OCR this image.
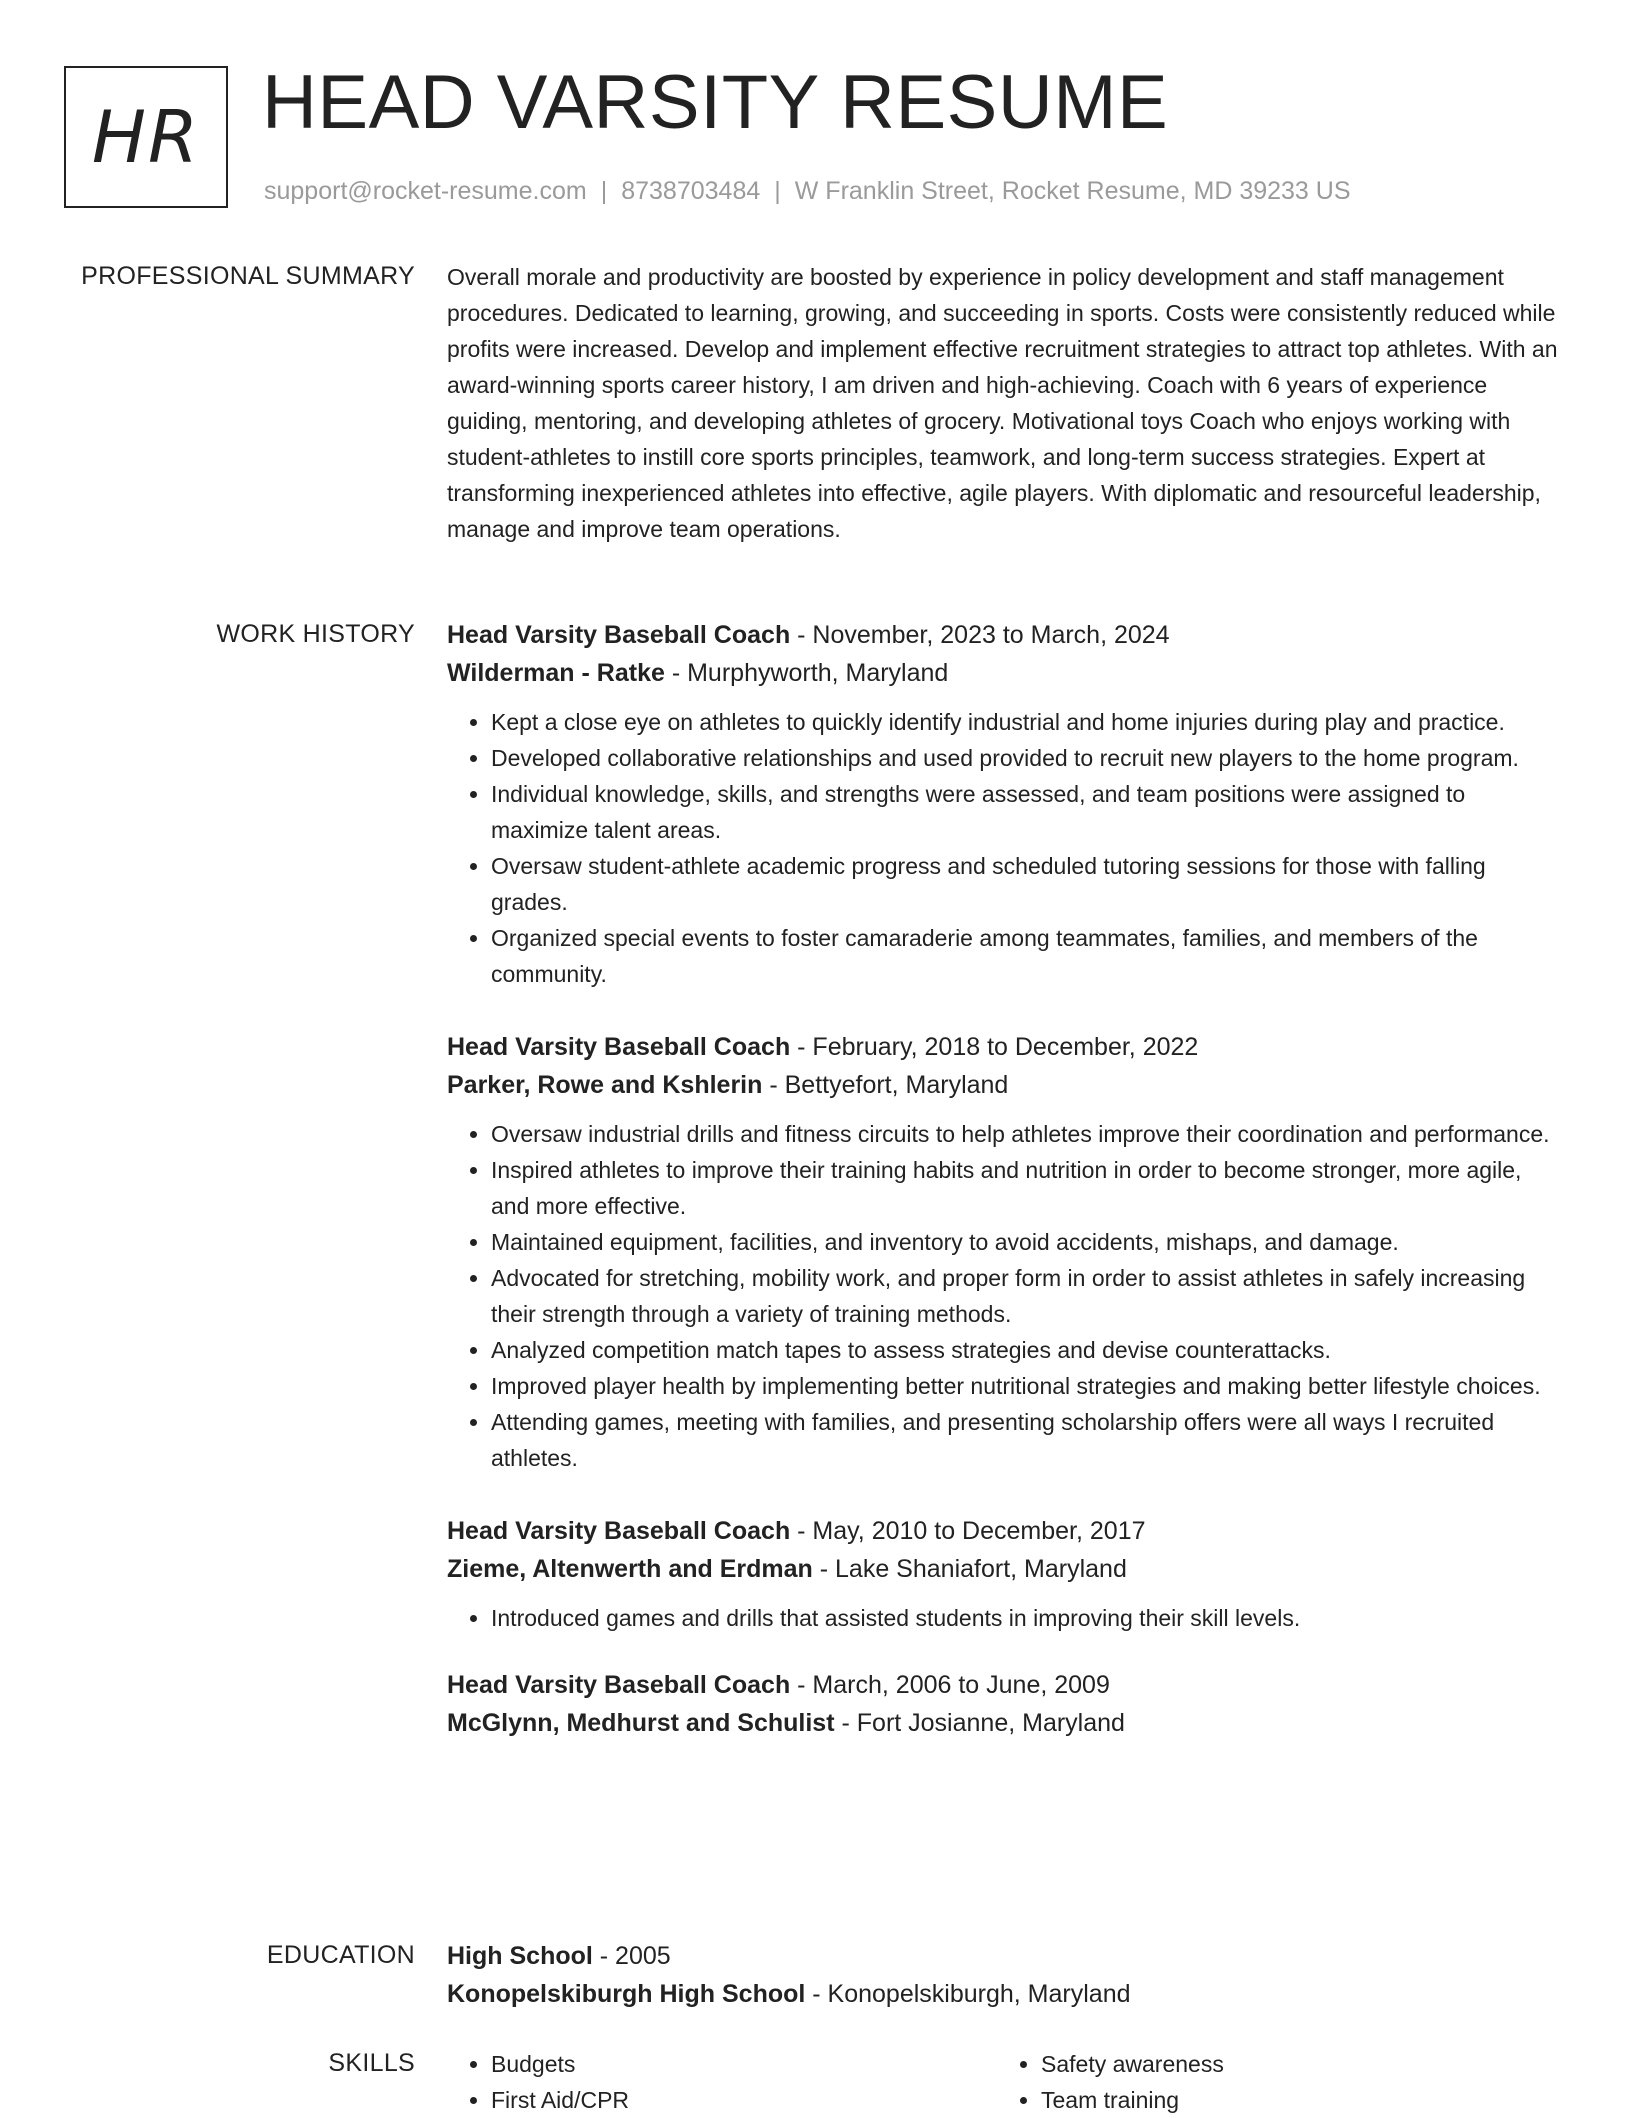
HR HEAD VARSITY RESUME
support@rocket-resume.com | 8738703484 | W Franklin Street, Rocket Resume, MD 39233 US
PROFESSIONAL SUMMARY Overall morale and productivity are boosted by experience in policy development and staff management procedures. Dedicated to learning, growing, and succeeding in sports. Costs were consistently reduced while profits were increased. Develop and implement effective recruitment strategies to attract top athletes. With an award-winning sports career history, I am driven and high-achieving. Coach with 6 years of experience guiding, mentoring, and developing athletes of grocery. Motivational toys Coach who enjoys working with student-athletes to instill core sports principles, teamwork, and long-term success strategies. Expert at transforming inexperienced athletes into effective, agile players. With diplomatic and resourceful leadership, manage and improve team operations.

WORK HISTORY Head Varsity Baseball Coach - November, 2023 to March, 2024
Wilderman - Ratke - Murphyworth, Maryland
• Kept a close eye on athletes to quickly identify industrial and home injuries during play and practice.
• Developed collaborative relationships and used provided to recruit new players to the home program.
• Individual knowledge, skills, and strengths were assessed, and team positions were assigned to maximize talent areas.
• Oversaw student-athlete academic progress and scheduled tutoring sessions for those with falling grades.
• Organized special events to foster camaraderie among teammates, families, and members of the community.
Head Varsity Baseball Coach - February, 2018 to December, 2022
Parker, Rowe and Kshlerin - Bettyefort, Maryland
• Oversaw industrial drills and fitness circuits to help athletes improve their coordination and performance.
• Inspired athletes to improve their training habits and nutrition in order to become stronger, more agile, and more effective.
• Maintained equipment, facilities, and inventory to avoid accidents, mishaps, and damage.
• Advocated for stretching, mobility work, and proper form in order to assist athletes in safely increasing their strength through a variety of training methods.
• Analyzed competition match tapes to assess strategies and devise counterattacks.
• Improved player health by implementing better nutritional strategies and making better lifestyle choices.
• Attending games, meeting with families, and presenting scholarship offers were all ways I recruited athletes.
Head Varsity Baseball Coach - May, 2010 to December, 2017
Zieme, Altenwerth and Erdman - Lake Shaniafort, Maryland
• Introduced games and drills that assisted students in improving their skill levels.
Head Varsity Baseball Coach - March, 2006 to June, 2009
McGlynn, Medhurst and Schulist - Fort Josianne, Maryland
EDUCATION High School - 2005
Konopelskiburgh High School - Konopelskiburgh, Maryland
SKILLS
•	Budgets
• First Aid/CPR
• Safety awareness
• Team training
